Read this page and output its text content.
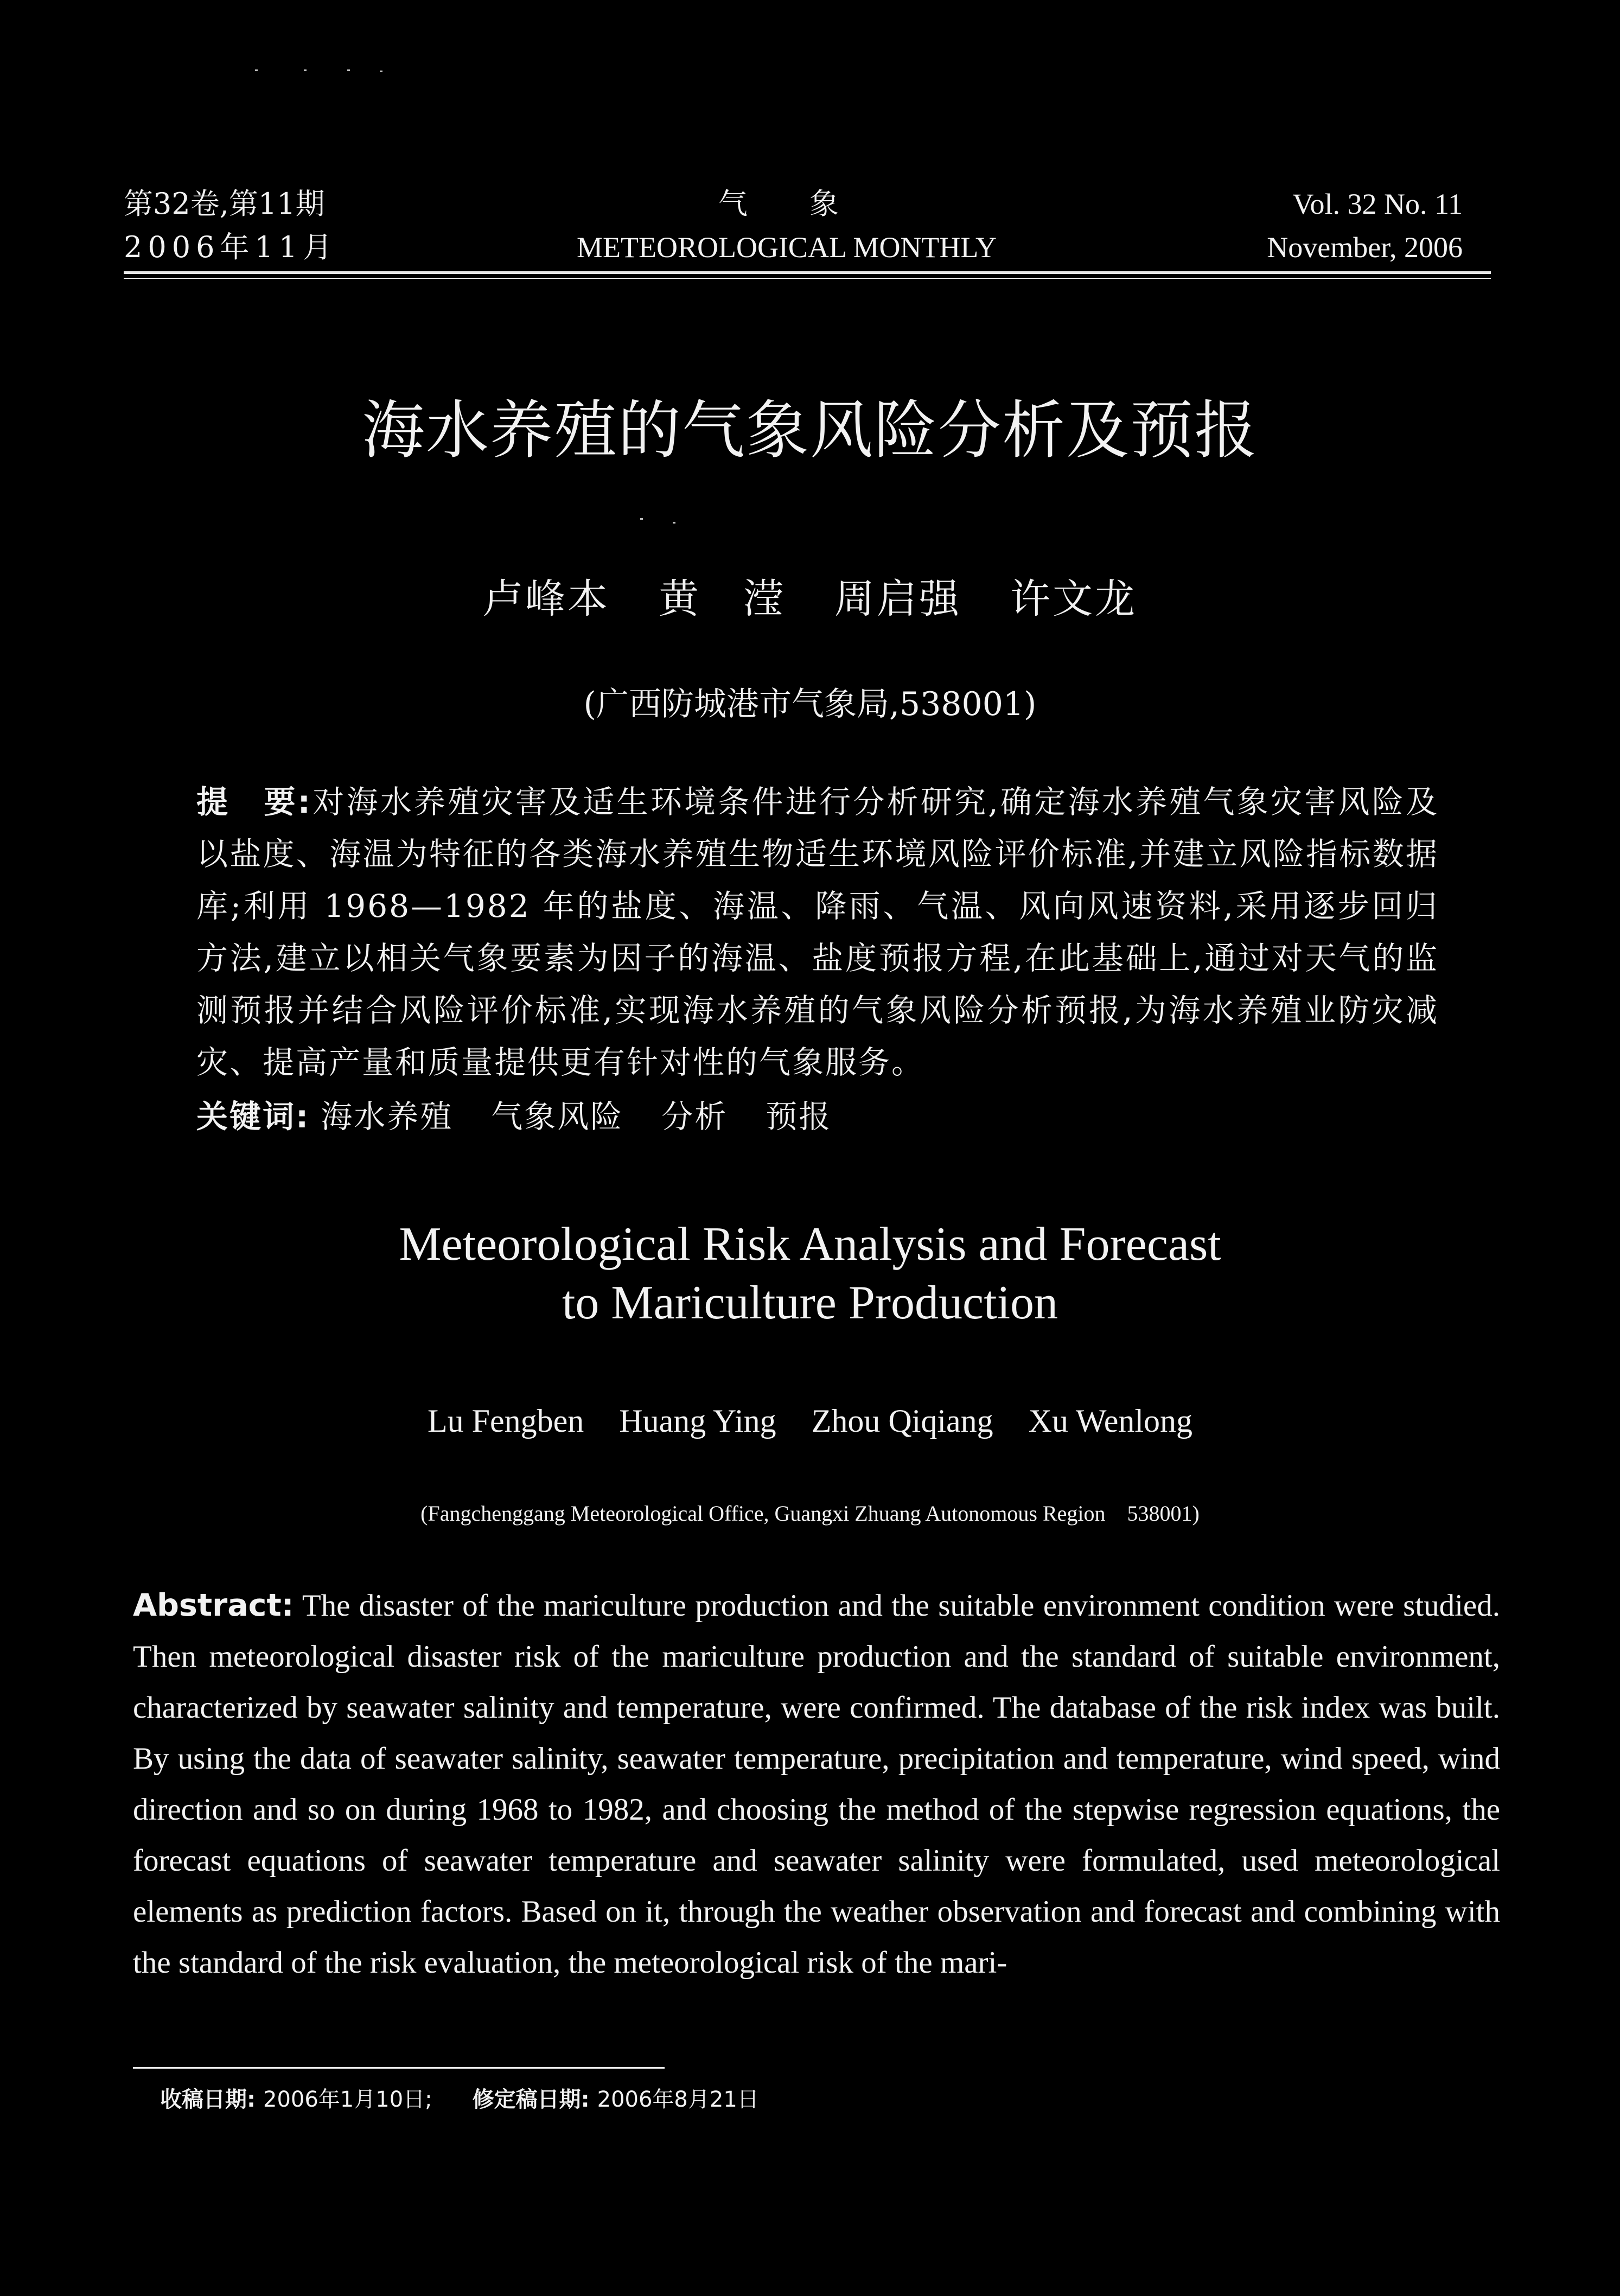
第32卷,第11期
2006年11月
气　象
METEOROLOGICAL MONTHLY
Vol. 32 No. 11
November, 2006
海水养殖的气象风险分析及预报
卢峰本 黄　滢 周启强 许文龙
(广西防城港市气象局,538001)
提　要:对海水养殖灾害及适生环境条件进行分析研究,确定海水养殖气象灾害风险及以盐度、海温为特征的各类海水养殖生物适生环境风险评价标准,并建立风险指标数据库;利用 1968—1982 年的盐度、海温、降雨、气温、风向风速资料,采用逐步回归方法,建立以相关气象要素为因子的海温、盐度预报方程,在此基础上,通过对天气的监测预报并结合风险评价标准,实现海水养殖的气象风险分析预报,为海水养殖业防灾减灾、提高产量和质量提供更有针对性的气象服务。
关键词: 海水养殖 气象风险 分析 预报
Meteorological Risk Analysis and Forecast
to Mariculture Production
Lu Fengben Huang Ying Zhou Qiqiang Xu Wenlong
(Fangchenggang Meteorological Office, Guangxi Zhuang Autonomous Region　538001)
Abstract: The disaster of the mariculture production and the suitable environment condition were studied. Then meteorological disaster risk of the mariculture production and the standard of suitable environment, characterized by seawater salinity and temperature, were confirmed. The database of the risk index was built. By using the data of seawater salinity, seawater temperature, precipitation and temperature, wind speed, wind direction and so on during 1968 to 1982, and choosing the method of the stepwise regression equations, the forecast equations of seawater temperature and seawater salinity were formulated, used meteorological elements as prediction factors. Based on it, through the weather observation and forecast and combining with the standard of the risk evaluation, the meteorological risk of the mari-
收稿日期: 2006年1月10日; 修定稿日期: 2006年8月21日
